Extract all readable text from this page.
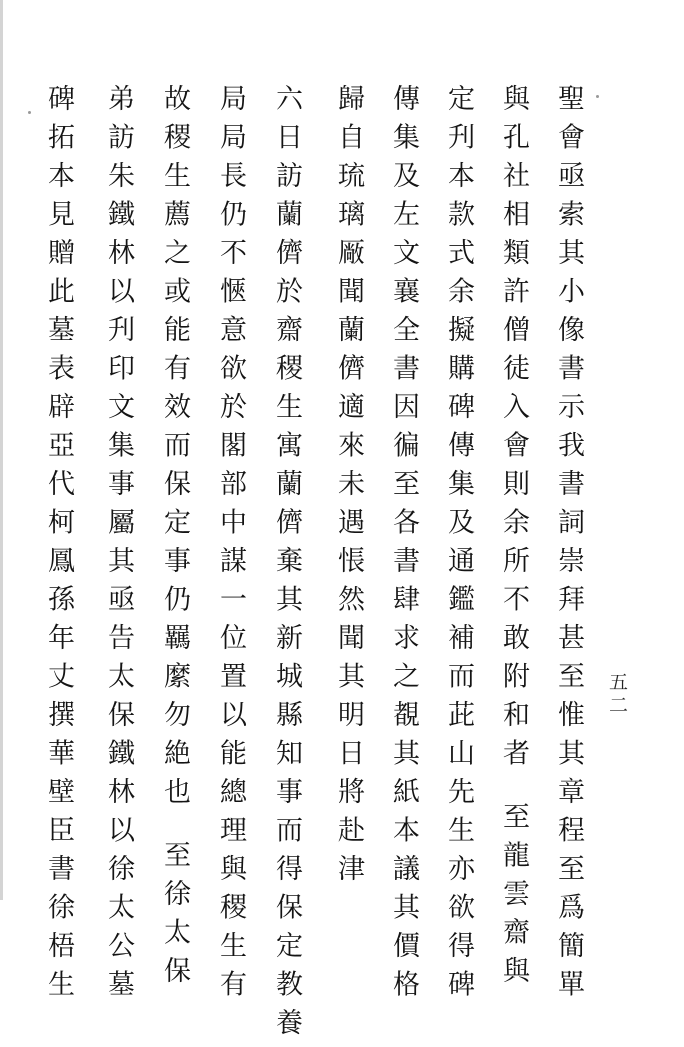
聖會亟索其小像書示我書詞崇拜甚至惟其章程至爲簡單
與孔社相類許僧徒入會則余所不敢附和者至龍雲齋與
定刋本款式余擬購碑傳集及通鑑補而茈山先生亦欲得碑
傳集及左文襄全書因徧至各書肆求之覩其紙本議其價格
歸自琉璃厰聞蘭儕適來未遇悵然聞其明日將赴津
六日訪蘭儕於齋稷生寓蘭儕棄其新城縣知事而得保定教養
局局長仍不愜意欲於閣部中謀一位置以能總理與稷生有
故稷生薦之或能有效而保定事仍羈縻勿絶也至徐太保
弟訪朱鐵林以刋印文集事屬其亟告太保鐵林以徐太公墓
碑拓本見贈此墓表辟亞代柯鳳孫年丈撰華壁臣書徐梧生	五二
